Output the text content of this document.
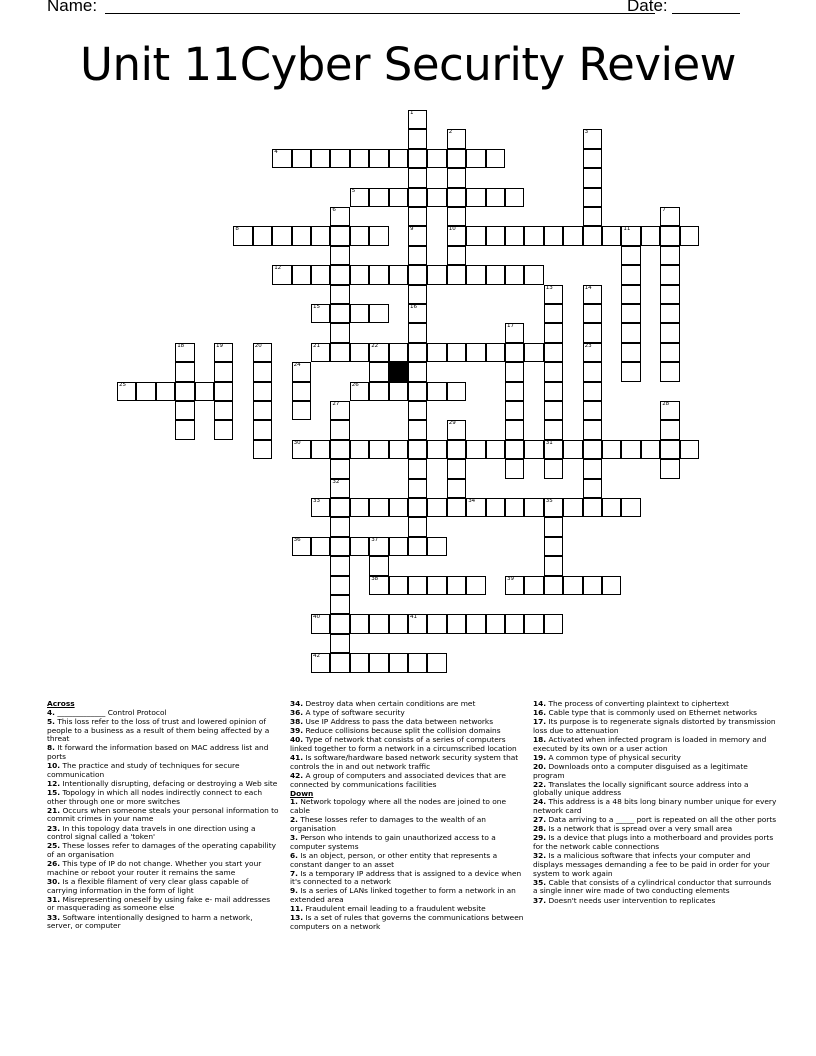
Name:	Date:
Unit 11Cyber Security Review
1
9
2
10
3
4
5
6	7
8
16
11
12
13
31
14
23
15
17
18	19	20	21	22
24
25	26
27	28
29
30
32
33	34	35
36	37
38	39
40	41
42
Across
4. _____________ Control Protocol
5. This loss refer to the loss of trust and lowered opinion of people to a business as a result of them being affected by a threat
8. It forward the information based on MAC address list and ports
10. The practice and study of techniques for secure communication
12. Intentionally disrupting, defacing or destroying a Web site
15. Topology in which all nodes indirectly connect to each other through one or more switches
21. Occurs when someone steals your personal information to commit crimes in your name
23. In this topology data travels in one direction using a control signal called a 'token'
25. These losses refer to damages of the operating capability of an organisation
26. This type of IP do not change. Whether you start your machine or reboot your router it remains the same
30. Is a flexible filament of very clear glass capable of carrying information in the form of light
31. Misrepresenting oneself by using fake e- mail addresses or masquerading as someone else
33. Software intentionally designed to harm a network, server, or computer
34. Destroy data when certain conditions are met
36. A type of software security
38. Use IP Address to pass the data between networks
39. Reduce collisions because split the collision domains
40. Type of network that consists of a series of computers linked together to form a network in a circumscribed location
41. Is software/hardware based network security system that controls the in and out network traffic
42. A group of computers and associated devices that are connected by communications facilities
Down
1. Network topology where all the nodes are joined to one cable
2. These losses refer to damages to the wealth of an organisation
3. Person who intends to gain unauthorized access to a computer systems
6. Is an object, person, or other entity that represents a constant danger to an asset
7. Is a temporary IP address that is assigned to a device when it's connected to a network
9. Is a series of LANs linked together to form a network in an extended area
11. Fraudulent email leading to a fraudulent website
13. Is a set of rules that governs the communications between computers on a network
14. The process of converting plaintext to ciphertext
16. Cable type that is commonly used on Ethernet networks
17. Its purpose is to regenerate signals distorted by transmission loss due to attenuation
18. Activated when infected program is loaded in memory and executed by its own or a user action
19. A common type of physical security
20. Downloads onto a computer disguised as a legitimate program
22. Translates the locally significant source address into a globally unique address
24. This address is a 48 bits long binary number unique for every network card
27. Data arriving to a _____ port is repeated on all the other ports
28. Is a network that is spread over a very small area
29. Is a device that plugs into a motherboard and provides ports for the network cable connections
32. Is a malicious software that infects your computer and displays messages demanding a fee to be paid in order for your system to work again
35. Cable that consists of a cylindrical conductor that surrounds a single inner wire made of two conducting elements
37. Doesn't needs user intervention to replicates
